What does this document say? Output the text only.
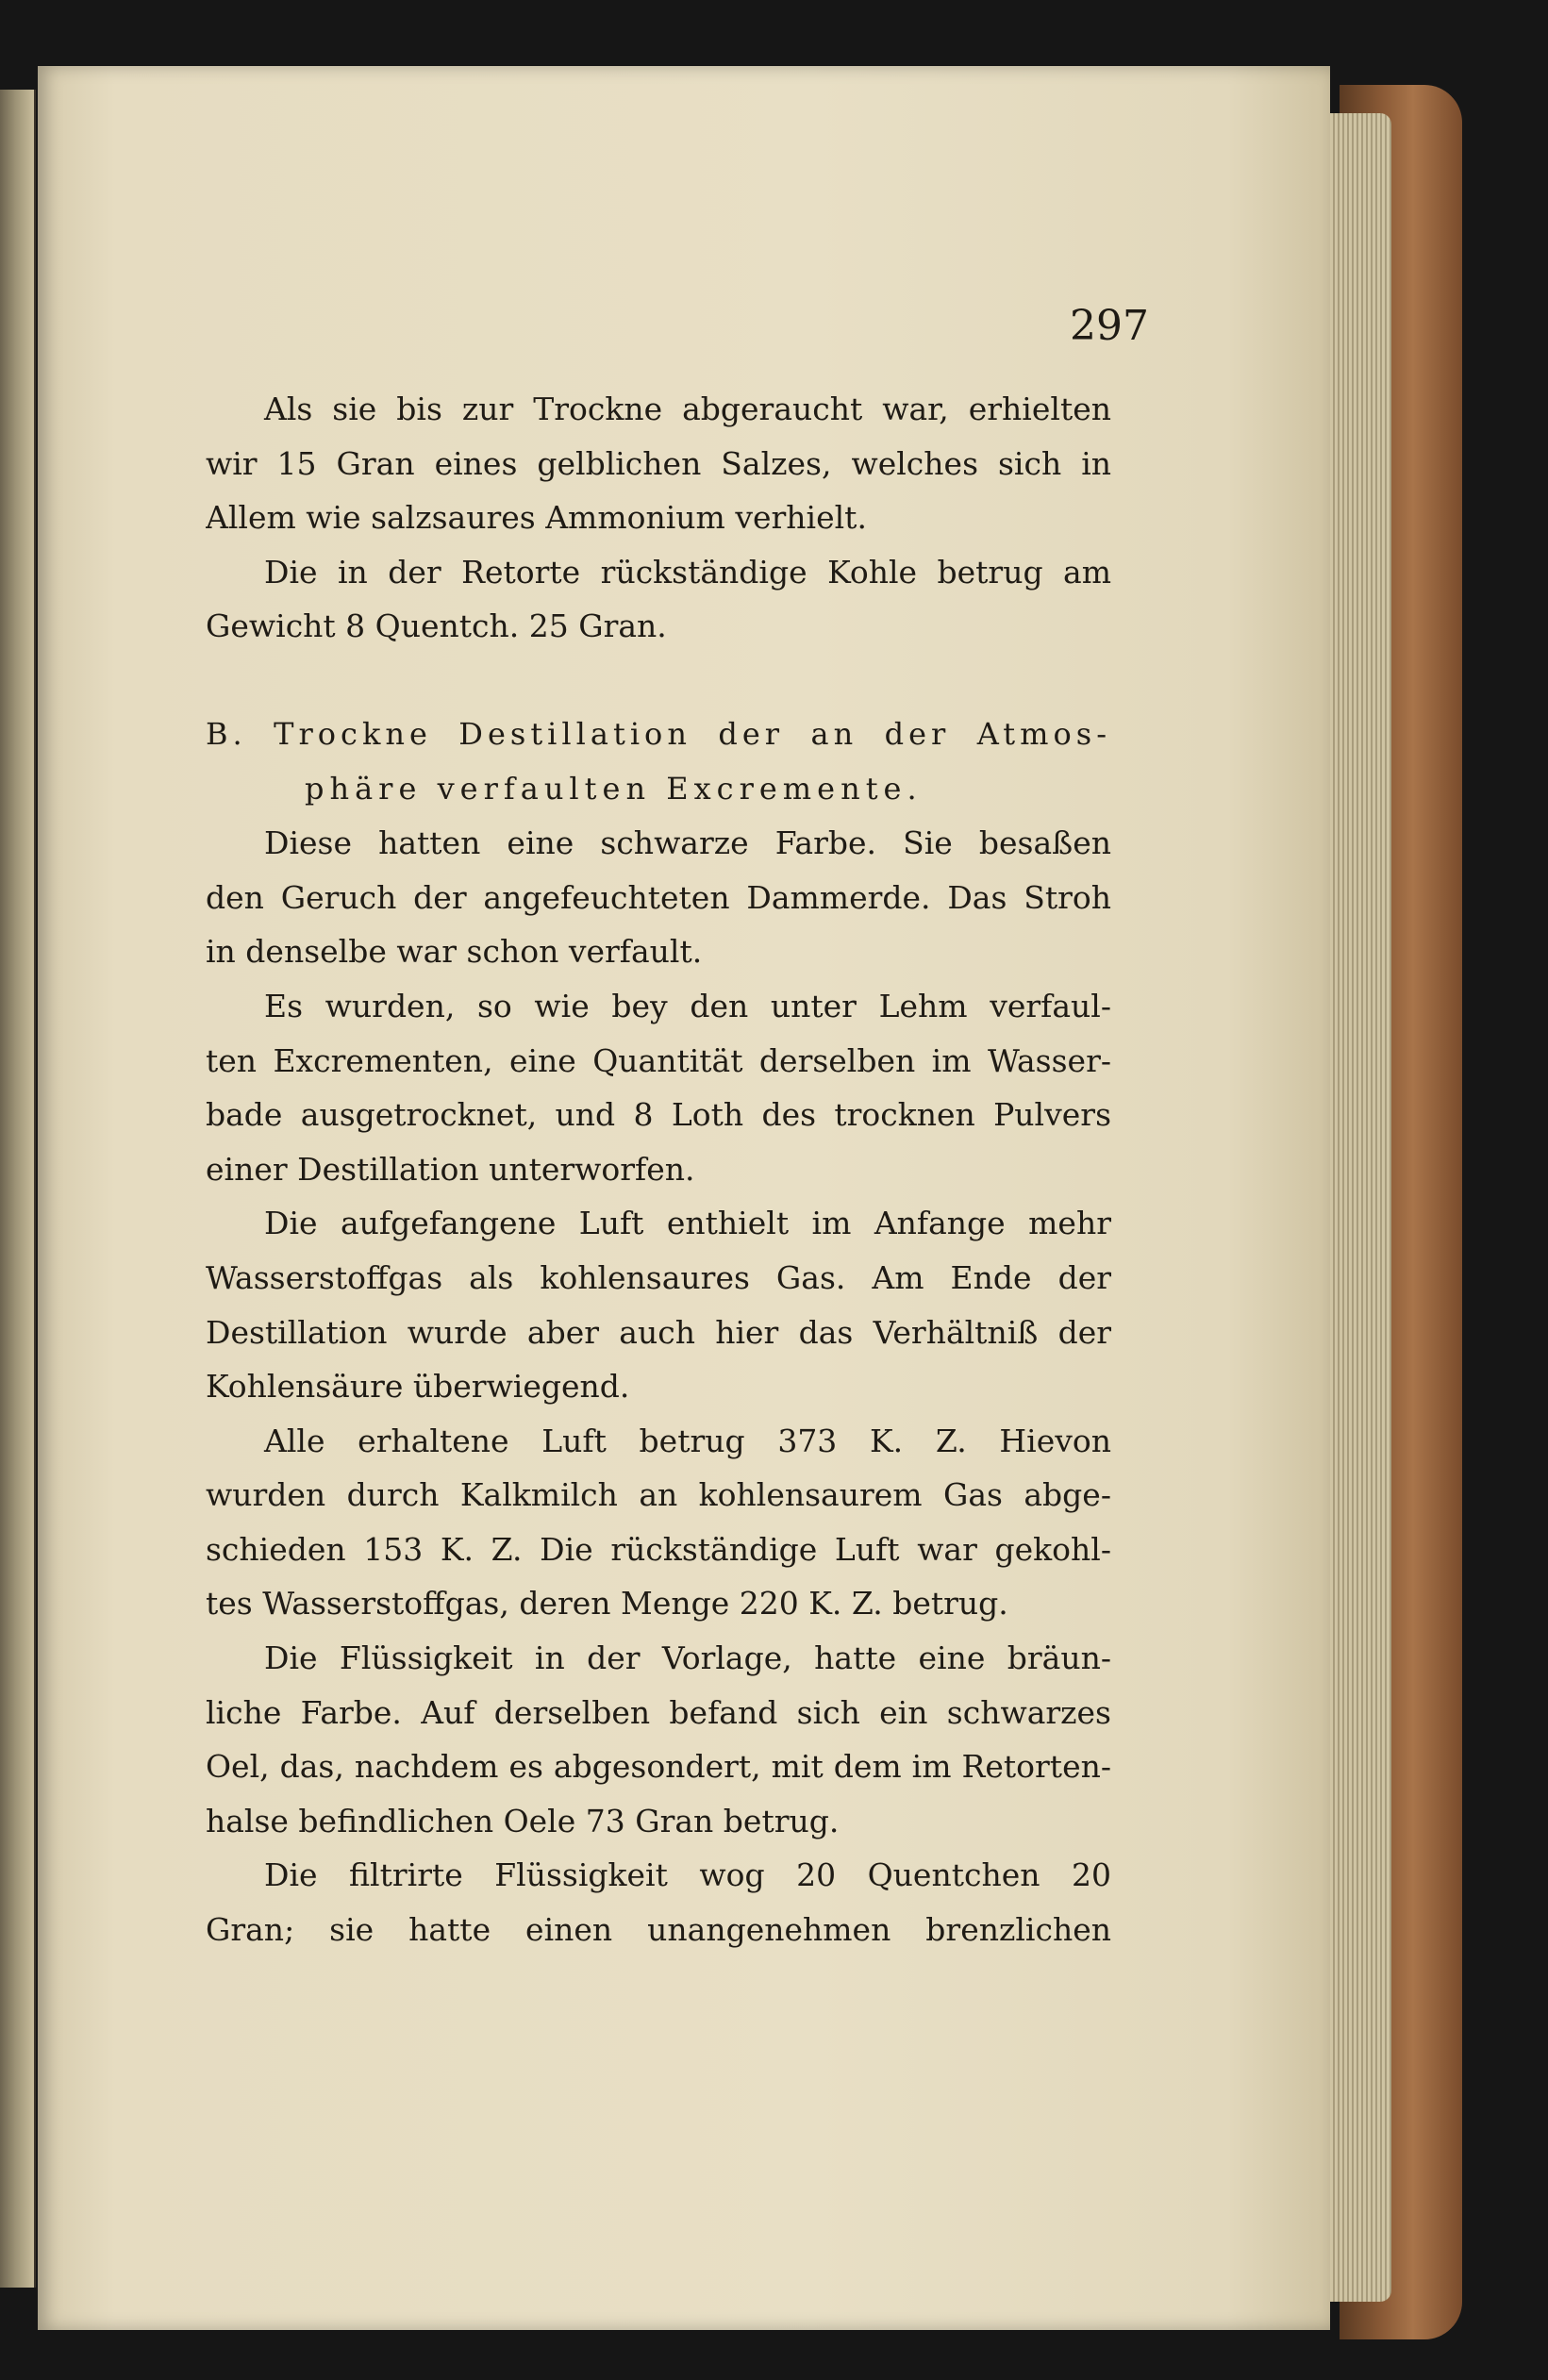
297
Als sie bis zur Trockne abgeraucht war, erhielten
wir 15 Gran eines gelblichen Salzes, welches sich in
Allem wie salzsaures Ammonium verhielt.
Die in der Retorte rückständige Kohle betrug am
Gewicht 8 Quentch. 25 Gran.
B. Trockne Destillation der an der Atmos-
phäre verfaulten Excremente.
Diese hatten eine schwarze Farbe. Sie besaßen
den Geruch der angefeuchteten Dammerde. Das Stroh
in denselbe war schon verfault.
Es wurden, so wie bey den unter Lehm verfaul-
ten Excrementen, eine Quantität derselben im Wasser-
bade ausgetrocknet, und 8 Loth des trocknen Pulvers
einer Destillation unterworfen.
Die aufgefangene Luft enthielt im Anfange mehr
Wasserstoffgas als kohlensaures Gas. Am Ende der
Destillation wurde aber auch hier das Verhältniß der
Kohlensäure überwiegend.
Alle erhaltene Luft betrug 373 K. Z. Hievon
wurden durch Kalkmilch an kohlensaurem Gas abge-
schieden 153 K. Z. Die rückständige Luft war gekohl-
tes Wasserstoffgas, deren Menge 220 K. Z. betrug.
Die Flüssigkeit in der Vorlage, hatte eine bräun-
liche Farbe. Auf derselben befand sich ein schwarzes
Oel, das, nachdem es abgesondert, mit dem im Retorten-
halse befindlichen Oele 73 Gran betrug.
Die filtrirte Flüssigkeit wog 20 Quentchen 20
Gran; sie hatte einen unangenehmen brenzlichen
